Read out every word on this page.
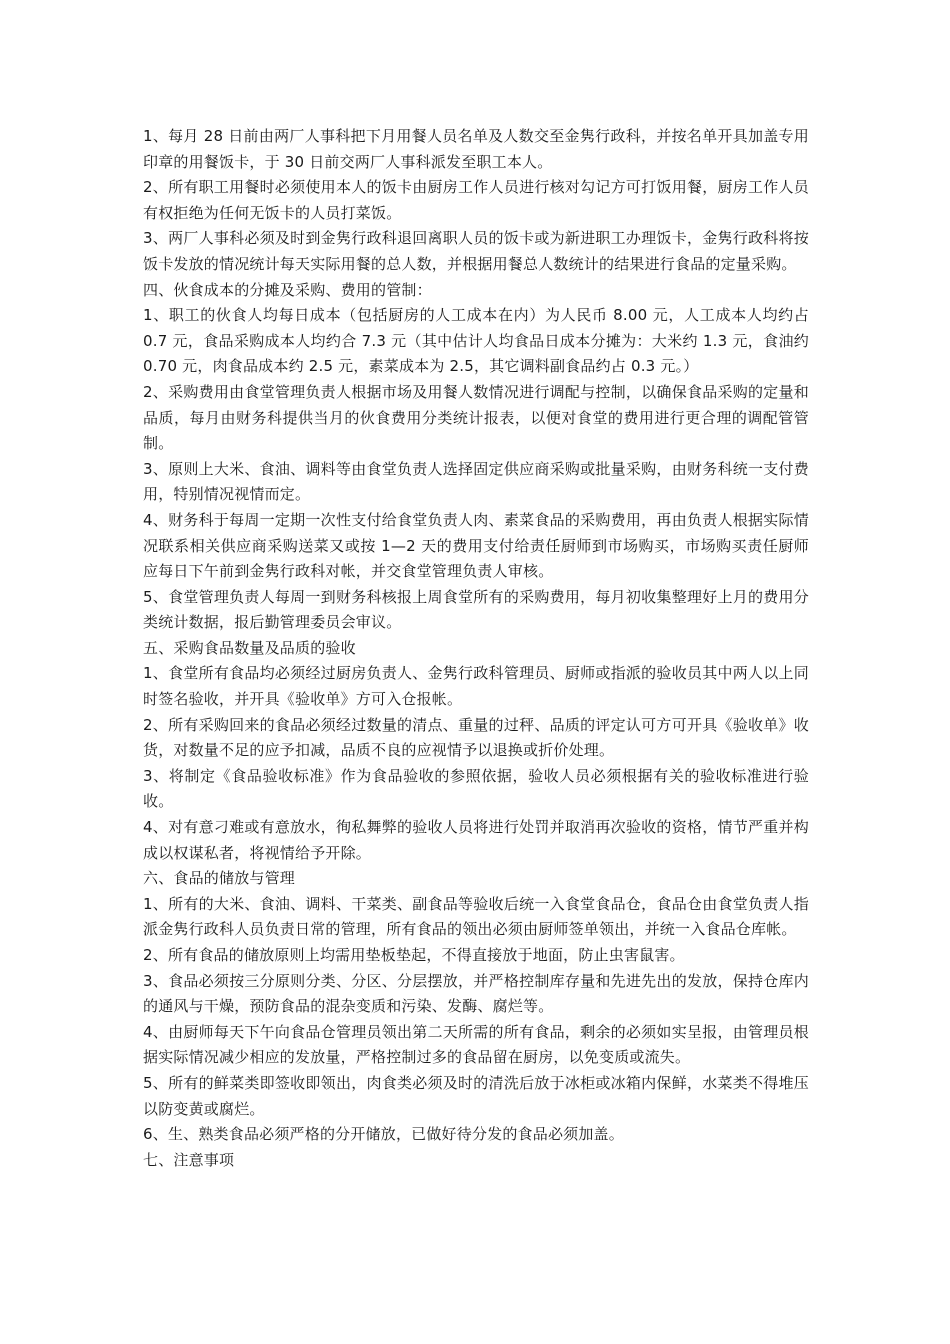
1、每月 28 日前由两厂人事科把下月用餐人员名单及人数交至金隽行政科，并按名单开具加盖专用印章的用餐饭卡，于 30 日前交两厂人事科派发至职工本人。

2、所有职工用餐时必须使用本人的饭卡由厨房工作人员进行核对勾记方可打饭用餐，厨房工作人员有权拒绝为任何无饭卡的人员打菜饭。

3、两厂人事科必须及时到金隽行政科退回离职人员的饭卡或为新进职工办理饭卡，金隽行政科将按饭卡发放的情况统计每天实际用餐的总人数，并根据用餐总人数统计的结果进行食品的定量采购。

四、伙食成本的分摊及采购、费用的管制：

1、职工的伙食人均每日成本（包括厨房的人工成本在内）为人民币 8.00 元，人工成本人均约占 0.7 元，食品采购成本人均约合 7.3 元（其中估计人均食品日成本分摊为：大米约 1.3 元，食油约 0.70 元，肉食品成本约 2.5 元，素菜成本为 2.5，其它调料副食品约占 0.3 元。）

2、采购费用由食堂管理负责人根据市场及用餐人数情况进行调配与控制，以确保食品采购的定量和品质，每月由财务科提供当月的伙食费用分类统计报表，以便对食堂的费用进行更合理的调配管管制。

3、原则上大米、食油、调料等由食堂负责人选择固定供应商采购或批量采购，由财务科统一支付费用，特别情况视情而定。

4、财务科于每周一定期一次性支付给食堂负责人肉、素菜食品的采购费用，再由负责人根据实际情况联系相关供应商采购送菜又或按 1—2 天的费用支付给责任厨师到市场购买，市场购买责任厨师应每日下午前到金隽行政科对帐，并交食堂管理负责人审核。

5、食堂管理负责人每周一到财务科核报上周食堂所有的采购费用，每月初收集整理好上月的费用分类统计数据，报后勤管理委员会审议。

五、采购食品数量及品质的验收

1、食堂所有食品均必须经过厨房负责人、金隽行政科管理员、厨师或指派的验收员其中两人以上同时签名验收，并开具《验收单》方可入仓报帐。

2、所有采购回来的食品必须经过数量的清点、重量的过秤、品质的评定认可方可开具《验收单》收货，对数量不足的应予扣减，品质不良的应视情予以退换或折价处理。

3、将制定《食品验收标准》作为食品验收的参照依据，验收人员必须根据有关的验收标准进行验收。

4、对有意刁难或有意放水，徇私舞弊的验收人员将进行处罚并取消再次验收的资格，情节严重并构成以权谋私者，将视情给予开除。

六、食品的储放与管理

1、所有的大米、食油、调料、干菜类、副食品等验收后统一入食堂食品仓，食品仓由食堂负责人指派金隽行政科人员负责日常的管理，所有食品的领出必须由厨师签单领出，并统一入食品仓库帐。

2、所有食品的储放原则上均需用垫板垫起，不得直接放于地面，防止虫害鼠害。

3、食品必须按三分原则分类、分区、分层摆放，并严格控制库存量和先进先出的发放，保持仓库内的通风与干燥，预防食品的混杂变质和污染、发酶、腐烂等。

4、由厨师每天下午向食品仓管理员领出第二天所需的所有食品，剩余的必须如实呈报，由管理员根据实际情况减少相应的发放量，严格控制过多的食品留在厨房，以免变质或流失。

5、所有的鲜菜类即签收即领出，肉食类必须及时的清洗后放于冰柜或冰箱内保鲜，水菜类不得堆压以防变黄或腐烂。

6、生、熟类食品必须严格的分开储放，已做好待分发的食品必须加盖。

七、注意事项
